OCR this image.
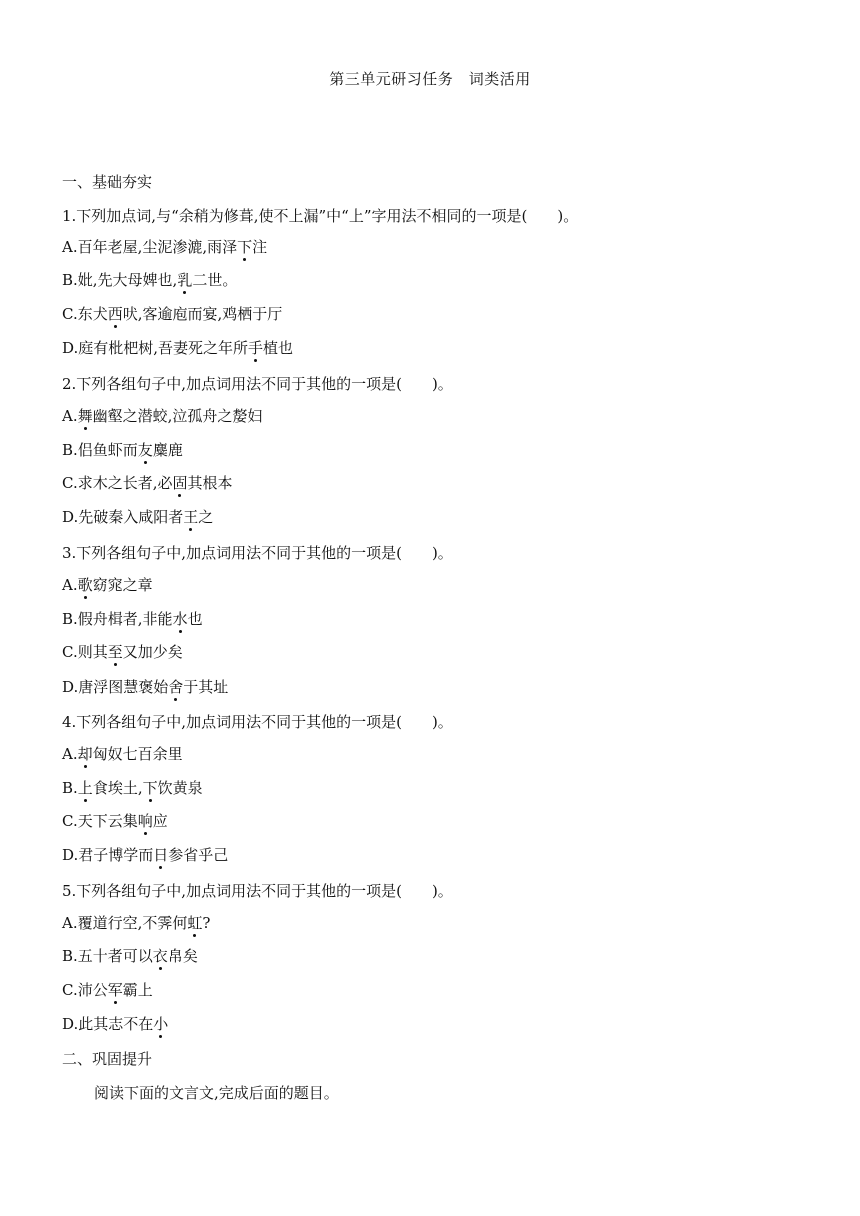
第三单元研习任务　词类活用
一、基础夯实
1.下列加点词,与“余稍为修葺,使不上漏”中“上”字用法不相同的一项是( )。
A.百年老屋,尘泥渗漉,雨泽下注
B.妣,先大母婢也,乳二世。
C.东犬西吠,客逾庖而宴,鸡栖于厅
D.庭有枇杷树,吾妻死之年所手植也
2.下列各组句子中,加点词用法不同于其他的一项是( )。
A.舞幽壑之潜蛟,泣孤舟之嫠妇
B.侣鱼虾而友麋鹿
C.求木之长者,必固其根本
D.先破秦入咸阳者王之
3.下列各组句子中,加点词用法不同于其他的一项是( )。
A.歌窈窕之章
B.假舟楫者,非能水也
C.则其至又加少矣
D.唐浮图慧褒始舍于其址
4.下列各组句子中,加点词用法不同于其他的一项是( )。
A.却匈奴七百余里
B.上食埃土,下饮黄泉
C.天下云集响应
D.君子博学而日参省乎己
5.下列各组句子中,加点词用法不同于其他的一项是( )。
A.覆道行空,不霁何虹?
B.五十者可以衣帛矣
C.沛公军霸上
D.此其志不在小
二、巩固提升
阅读下面的文言文,完成后面的题目。
